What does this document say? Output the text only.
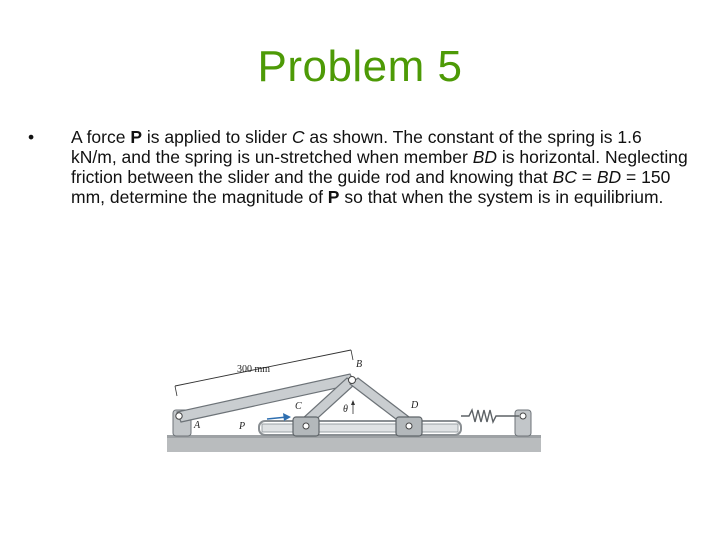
Problem 5
• A force P is applied to slider C as shown. The constant of the spring is 1.6 kN/m, and the spring is un-stretched when member BD is horizontal. Neglecting friction between the slider and the guide rod and knowing that BC = BD = 150 mm, determine the magnitude of P so that when the system is in equilibrium.
300 mm	B
C	D
A	P
θ
